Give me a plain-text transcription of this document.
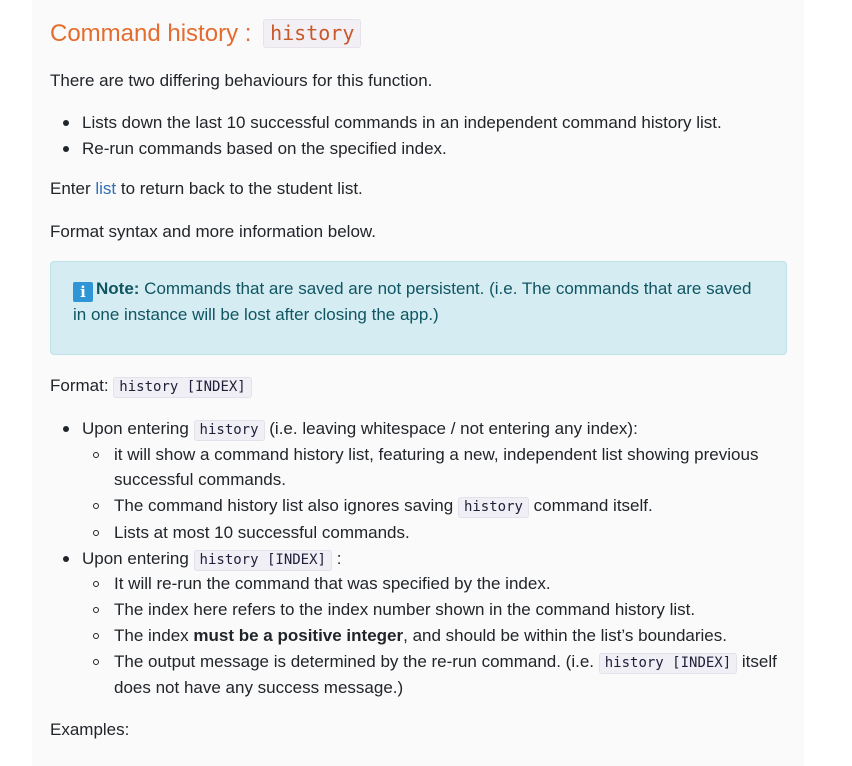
Command history : history
There are two differing behaviours for this function.
Lists down the last 10 successful commands in an independent command history list.
Re-run commands based on the specified index.
Enter list to return back to the student list.
Format syntax and more information below.
i Note: Commands that are saved are not persistent. (i.e. The commands that are saved
in one instance will be lost after closing the app.)
Format: history [INDEX]
Upon entering history (i.e. leaving whitespace / not entering any index):
it will show a command history list, featuring a new, independent list showing previous
successful commands.
The command history list also ignores saving history command itself.
Lists at most 10 successful commands.
Upon entering history [INDEX] :
It will re-run the command that was specified by the index.
The index here refers to the index number shown in the command history list.
The index must be a positive integer, and should be within the list’s boundaries.
The output message is determined by the re-run command. (i.e. history [INDEX] itself
does not have any success message.)
Examples:
